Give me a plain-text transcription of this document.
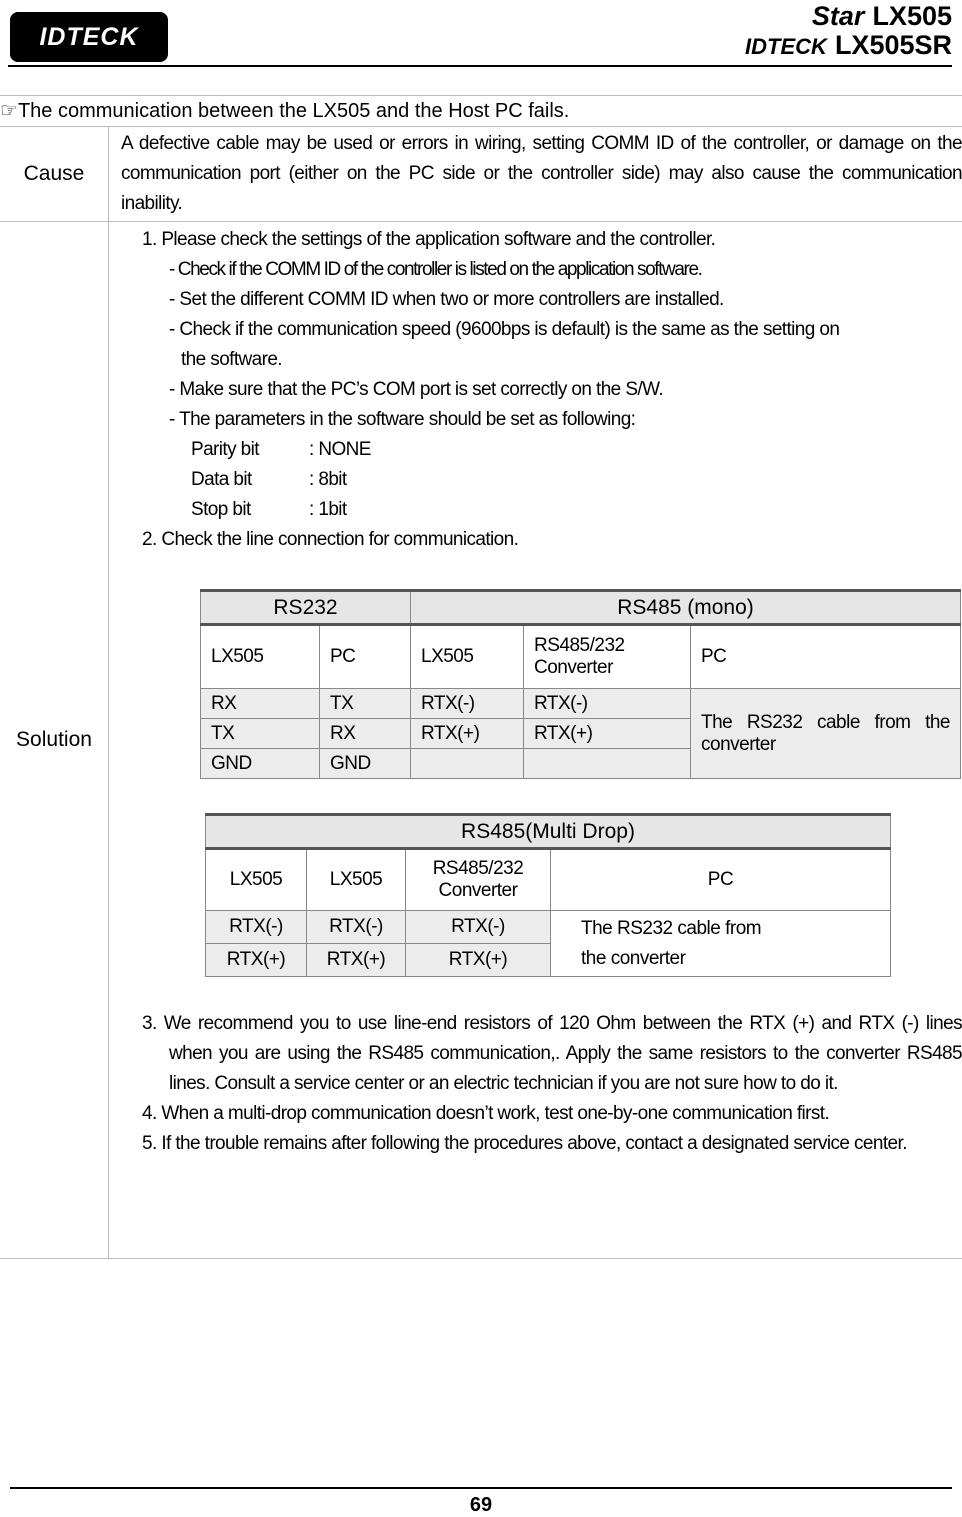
IDTECK
Star LX505
IDTECK LX505SR
☞The communication between the LX505 and the Host PC fails.
Cause	A defective cable may be used or errors in wiring, setting COMM ID of the controller, or damage on the communication port (either on the PC side or the controller side) may also cause the communication inability.
Solution	
1. Please check the settings of the application software and the controller.
- Check if the COMM ID of the controller is listed on the application software.
- Set the different COMM ID when two or more controllers are installed.
- Check if the communication speed (9600bps is default) is the same as the setting on
the software.
- Make sure that the PC’s COM port is set correctly on the S/W.
- The parameters in the software should be set as following:
Parity bit	: NONE
Data bit	: 8bit
Stop bit	: 1bit
2. Check the line connection for communication.
RS232	RS485 (mono)
LX505	PC	LX505	RS485/232 Converter	PC
RX	TX	RTX(-)	RTX(-)	The RS232 cable from the converter
TX	RX	RTX(+)	RTX(+)
GND	GND		
RS485(Multi Drop)
LX505	LX505	RS485/232 Converter	PC
RTX(-)	RTX(-)	RTX(-)	The RS232 cable from the converter
RTX(+)	RTX(+)	RTX(+)
3. We recommend you to use line-end resistors of 120 Ohm between the RTX (+) and RTX (-) lines when you are using the RS485 communication,. Apply the same resistors to the converter RS485 lines. Consult a service center or an electric technician if you are not sure how to do it.
4. When a multi-drop communication doesn’t work, test one-by-one communication first.
5. If the trouble remains after following the procedures above, contact a designated service center.
69
